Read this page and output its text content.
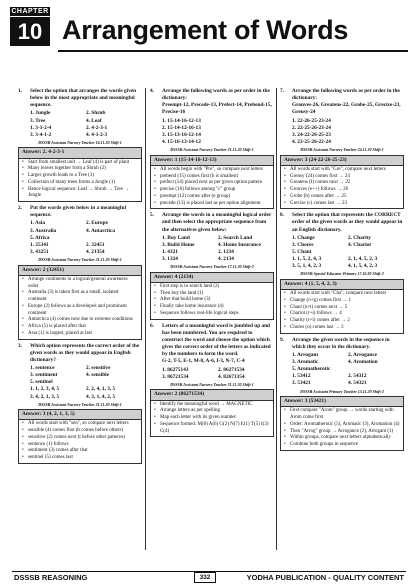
CHAPTER
10 Arrangement of Words
1.	Select the option that arranges the words given below in the most appropriate and meaningful sequence.
1. Jungle	2. Shrub
3. Tree	4. Leaf
1. 3-1-2-4	2. 4-2-3-1
3. 3-4-1-2	4. 4-1-2-3
DSSSB Assistant Nursery Teacher 16.11.20 Shift-1
Answer: 2. 4-2-3-1
• Start from smallest unit → Leaf (4) is part of plant
• Many leaves together form a Shrub (2)
• Larger growth leads to a Tree (3)
• Collection of many trees forms a Jungle (1)
• Hence logical sequence: Leaf → Shrub → Tree → Jungle
2.	Put the words given below in a meaningful sequence.
1. Asia	2. Europe
3. Australia	4. Antarctica
5. Africa
1. 25341	2. 32451
3. 43251	4. 21354
DSSSB Assistant Nursery Teacher 21.11.20 Shift-1
Answer: 2 (32451)
• Arrange continents in a logical/general awareness order
• Australia (3) is taken first as a small, isolated continent
• Europe (2) follows as a developed and prominent continent
• Antarctica (4) comes next due to extreme conditions
• Africa (5) is placed after that
• Asia (1) is largest, placed at last
3.	Which option represents the correct order of the given words as they would appear in English dictionary?
1. sentence	2. sensitive
3. sentiment	4. sensible
5. sentinel
1. 1, 2, 3, 4, 5	2. 2, 4, 1, 3, 5
3. 4, 2, 1, 3, 5	4. 3, 1, 4, 2, 5
DSSSB Assistant Nursery Teacher 21.11.20 Shift-1
Answer: 3 (4, 2, 1, 3, 5)
• All words start with "sen", so compare next letters
• sensible (4) comes first (b comes before others)
• sensitive (2) comes next (t before other patterns)
• sentence (1) follows
• sentiment (3) comes after that
• sentinel (5) comes last
4.	Arrange the following words as per order in the dictionary:
Preempt-12, Precede-13, Prefect-14, Prebend-15, Precise-16
1. 15-14-16-12-13
2. 15-14-12-16-13
3. 15-13-16-12-14
4. 15-16-13-14-12
DSSSB Assistant Nursery Teacher 21.11.20 Shift-1
Answer: 1 (15-14-16-12-13)
• All words begin with "Pre", so compare next letters
• prebend (15) comes first (b is smallest)
• prefect (14) placed next as per given option pattern
• precise (16) follows among "c" group
• preempt (12) comes after (e group)
• precede (13) is placed last as per option alignment
5.	Arrange the words in a meaningful logical order and then select the appropriate sequence from the alternatives given below:
1. Buy Land	2. Search Land
3. Build Home	4. Home Insurance
1. 4321	2. 1234
3. 1324	4. 2134
DSSSB Assistant Nursery Teacher 17.11.20 Shift-2
Answer: 4 (2134)
• First step is to search land (2)
• Then buy the land (1)
• After that build home (3)
• Finally take home insurance (4)
• Sequence follows real-life logical steps
6.	Letters of a meaningful word is jumbled up and has been numbered. You are required to construct the word and choose the option which gives the correct order of the letters as indicated by the numbers to form the word.
G-2, T-5, E-1, M-8, A-6, I-3, N-7, C-4
1. 86275143	2. 86271534
3. 86721534	4. 82671354
DSSSB Assistant Nursery Teacher 21.11.20 Shift-1
Answer: 2 (86271534)
• Identify the meaningful word → MAGNETIC
• Arrange letters as per spelling
• Map each letter with its given number
• Sequence formed: M(8) A(6) G(2) N(7) E(1) T(5) I(3) C(4)
7.	Arrange the following words as per order in the dictionary:
Gronves-26, Greatens-22, Grobe-25, Grecize-23, Grensy-24
1. 22-26-25-23-24
2. 22-25-26-23-24
3. 24-22-26-25-23
4. 23-25-26-22-24
DSSSB Assistant Nursery Teacher 24.11.20 Shift-1
Answer: 3 (24-22-26-25-23)
• All words start with "Gre", compare next letters
• Grensy (24) comes first → 24
• Greatens (I) comes next → 22
• Gronves (e++) follows → 26
• Grobe (b) comes after → 25
• Grecize (c) comes last → 23
8.	Select the option that represents the CORRECT order of the given words as they would appear in an English dictionary.
1. Change	2. Charity
3. Chores	4. Chariot
5. Chant
1. 1, 5, 2, 4, 3	2. 1, 4, 5, 2, 3
3. 5, 1, 4, 2, 3	4. 1, 5, 4, 2, 3
DSSSB Special Educator Primary 17.10.20 Shift-2
Answer: 4 (1, 5, 4, 2, 3)
• All words start with "Cha", compare next letters
• Change (n+g) comes first → 1
• Chant (n+t) comes next → 5
• Chariot (r+i) follows → 4
• Charity (r+i) comes after → 2
• Chores (o) comes last → 3
9.	Arrange the given words in the sequence in which they occur in the dictionary.
1. Arrogant	2. Arrogance
3. Aromatic	4. Aromation
5. Aromatherotic
1. 53412	2. 54312
3. 53421	4. 54321
DSSSB Assistant Primary Teacher 13.11.20 Shift-2
Answer: 3 (53421)
• First compare "Arom" group → words starting with Arom come first
• Order: Aromatherotic (5), Aromatic (3), Aromation (4)
• Then "Arrog" group → Arrogance (2), Arrogant (1)
• Within groups, compare next letters alphabetically
• Combine both groups in sequence
DSSSB REASONING	332	YODHA PUBLICATION - QUALITY CONTENT
